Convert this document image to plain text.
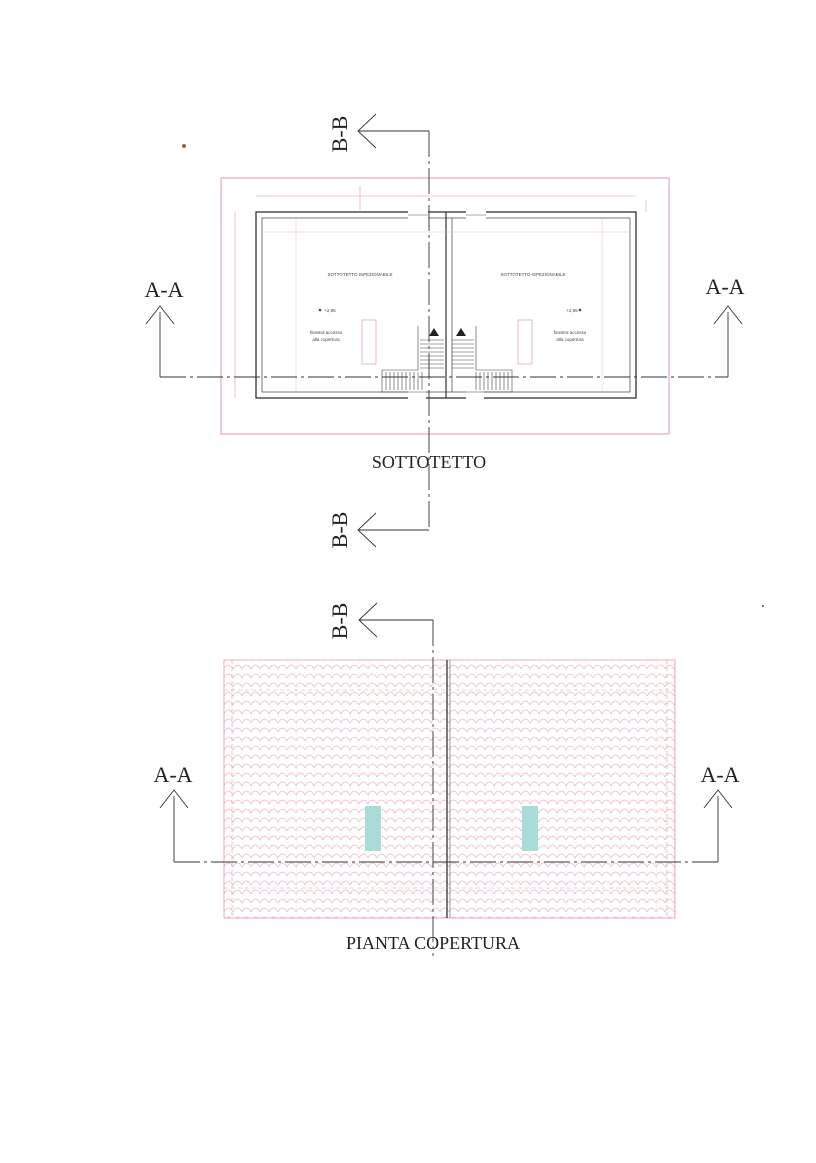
SOTTOTETTO ISPEZIONABILE
+2,95
finestra accesso
alla copertura
SOTTOTETTO ISPEZIONABILE
+2,95
finestra accesso
alla copertura
A-A	A-A
B-B
B-B
SOTTOTETTO
A-A	A-A
B-B
PIANTA COPERTURA
